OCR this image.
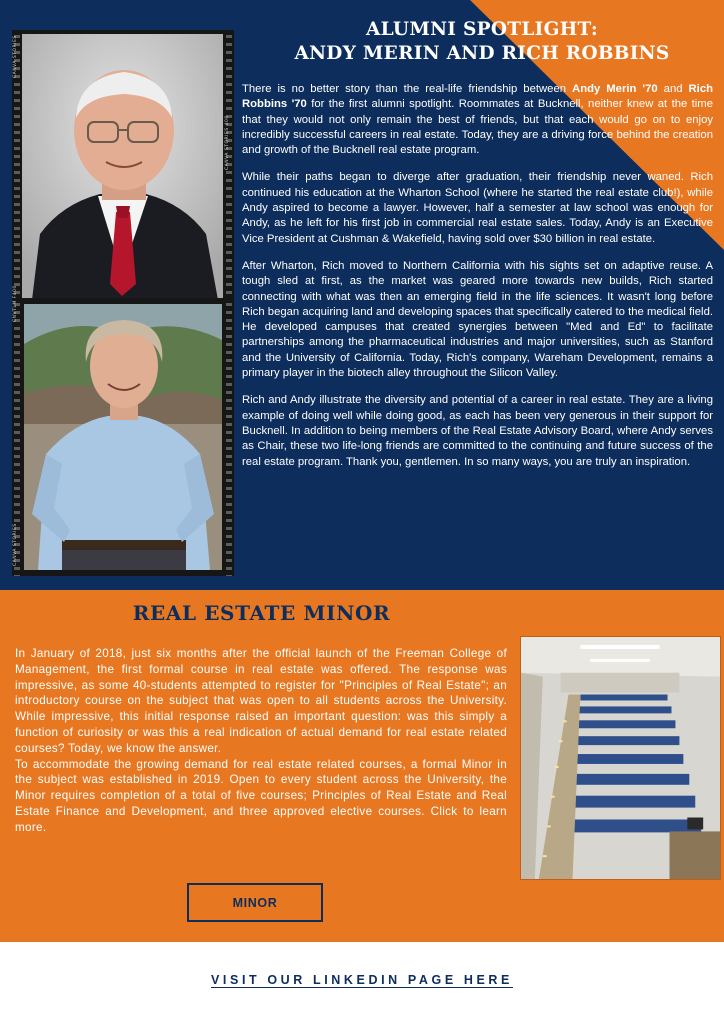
ALUMNI SPOTLIGHT:
ANDY MERIN AND RICH ROBBINS
CANVA STORIES
CANVA STORIES 400
CNVTLM F400
CANVA STORIES

There is no better story than the real-life friendship between Andy Merin '70 and Rich Robbins '70 for the first alumni spotlight. Roommates at Bucknell, neither knew at the time that they would not only remain the best of friends, but that each would go on to enjoy incredibly successful careers in real estate. Today, they are a driving force behind the creation and growth of the Bucknell real estate program.

While their paths began to diverge after graduation, their friendship never waned. Rich continued his education at the Wharton School (where he started the real estate club!), while Andy aspired to become a lawyer. However, half a semester at law school was enough for Andy, as he left for his first job in commercial real estate sales. Today, Andy is an Executive Vice President at Cushman & Wakefield, having sold over $30 billion in real estate.

After Wharton, Rich moved to Northern California with his sights set on adaptive reuse. A tough sled at first, as the market was geared more towards new builds, Rich started connecting with what was then an emerging field in the life sciences. It wasn't long before Rich began acquiring land and developing spaces that specifically catered to the medical field. He developed campuses that created synergies between "Med and Ed" to facilitate partnerships among the pharmaceutical industries and major universities, such as Stanford and the University of California. Today, Rich's company, Wareham Development, remains a primary player in the biotech alley throughout the Silicon Valley.

Rich and Andy illustrate the diversity and potential of a career in real estate. They are a living example of doing well while doing good, as each has been very generous in their support for Bucknell. In addition to being members of the Real Estate Advisory Board, where Andy serves as Chair, these two life-long friends are committed to the continuing and future success of the real estate program. Thank you, gentlemen. In so many ways, you are truly an inspiration.

REAL ESTATE MINOR

In January of 2018, just six months after the official launch of the Freeman College of Management, the first formal course in real estate was offered. The response was impressive, as some 40-students attempted to register for "Principles of Real Estate"; an introductory course on the subject that was open to all students across the University. While impressive, this initial response raised an important question: was this simply a function of curiosity or was this a real indication of actual demand for real estate related courses? Today, we know the answer.

To accommodate the growing demand for real estate related courses, a formal Minor in the subject was established in 2019. Open to every student across the University, the Minor requires completion of a total of five courses; Principles of Real Estate and Real Estate Finance and Development, and three approved elective courses. Click to learn more.

MINOR
VISIT OUR LINKEDIN PAGE HERE
